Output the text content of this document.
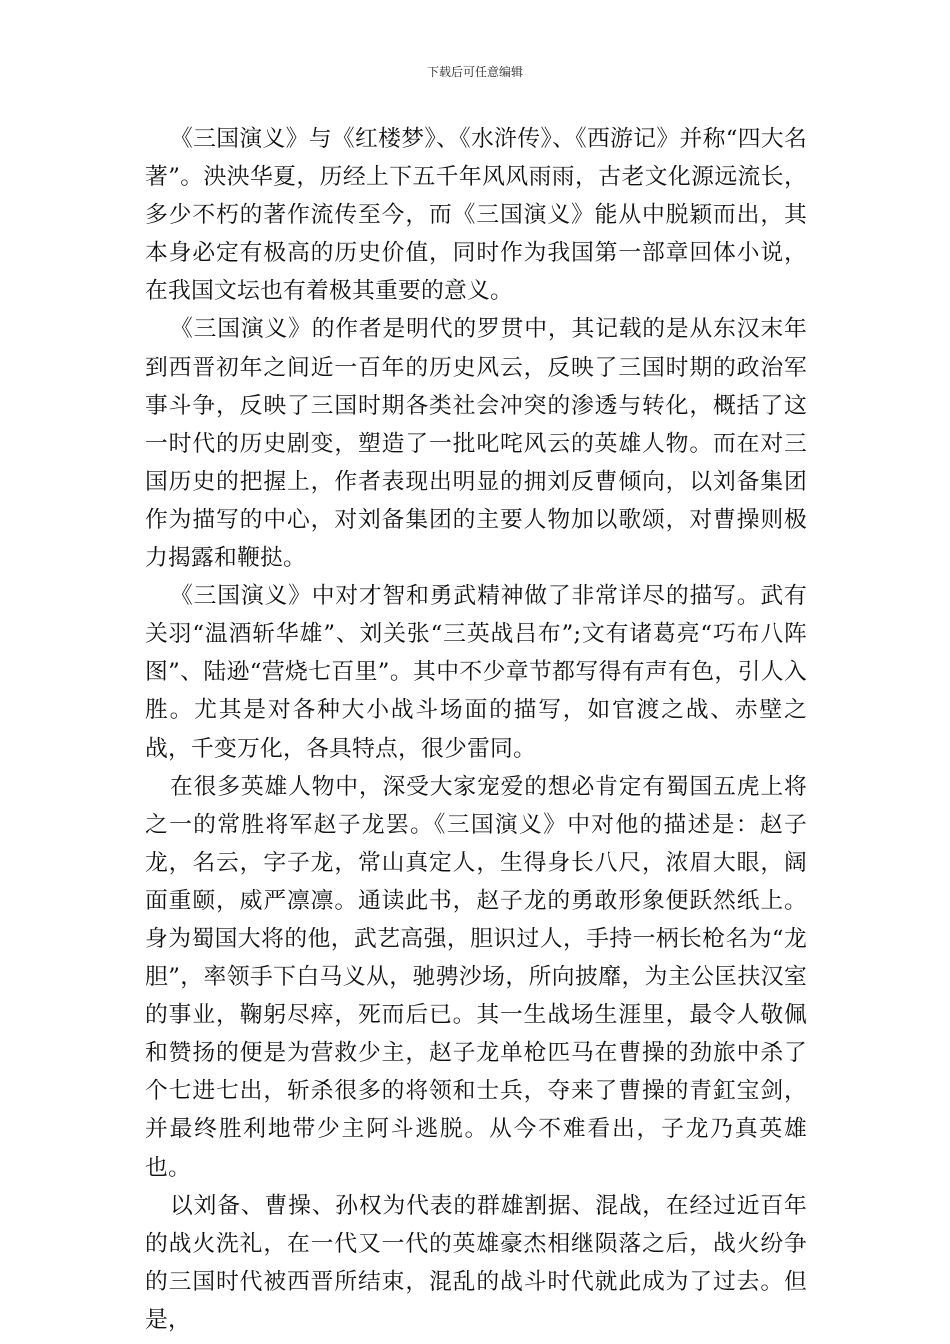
下载后可任意编辑

《三国演义》与《红楼梦》、《水浒传》、《西游记》并称“四大名著”。泱泱华夏，历经上下五千年风风雨雨，古老文化源远流长，多少不朽的著作流传至今，而《三国演义》能从中脱颖而出，其本身必定有极高的历史价值，同时作为我国第一部章回体小说，在我国文坛也有着极其重要的意义。

《三国演义》的作者是明代的罗贯中，其记载的是从东汉末年到西晋初年之间近一百年的历史风云，反映了三国时期的政治军事斗争，反映了三国时期各类社会冲突的渗透与转化，概括了这一时代的历史剧变，塑造了一批叱咤风云的英雄人物。而在对三国历史的把握上，作者表现出明显的拥刘反曹倾向，以刘备集团作为描写的中心，对刘备集团的主要人物加以歌颂，对曹操则极力揭露和鞭挞。

《三国演义》中对才智和勇武精神做了非常详尽的描写。武有关羽“温酒斩华雄”、刘关张“三英战吕布”;文有诸葛亮“巧布八阵图”、陆逊“营烧七百里”。其中不少章节都写得有声有色，引人入胜。尤其是对各种大小战斗场面的描写，如官渡之战、赤壁之战，千变万化，各具特点，很少雷同。

在很多英雄人物中，深受大家宠爱的想必肯定有蜀国五虎上将之一的常胜将军赵子龙罢。《三国演义》中对他的描述是：赵子龙，名云，字子龙，常山真定人，生得身长八尺，浓眉大眼，阔面重颐，威严凛凛。通读此书，赵子龙的勇敢形象便跃然纸上。身为蜀国大将的他，武艺高强，胆识过人，手持一柄长枪名为“龙胆”，率领手下白马义从，驰骋沙场，所向披靡，为主公匡扶汉室的事业，鞠躬尽瘁，死而后已。其一生战场生涯里，最令人敬佩和赞扬的便是为营救少主，赵子龙单枪匹马在曹操的劲旅中杀了个七进七出，斩杀很多的将领和士兵，夺来了曹操的青釭宝剑，并最终胜利地带少主阿斗逃脱。从今不难看出，子龙乃真英雄也。

以刘备、曹操、孙权为代表的群雄割据、混战，在经过近百年的战火洗礼，在一代又一代的英雄豪杰相继陨落之后，战火纷争的三国时代被西晋所结束，混乱的战斗时代就此成为了过去。但是，
